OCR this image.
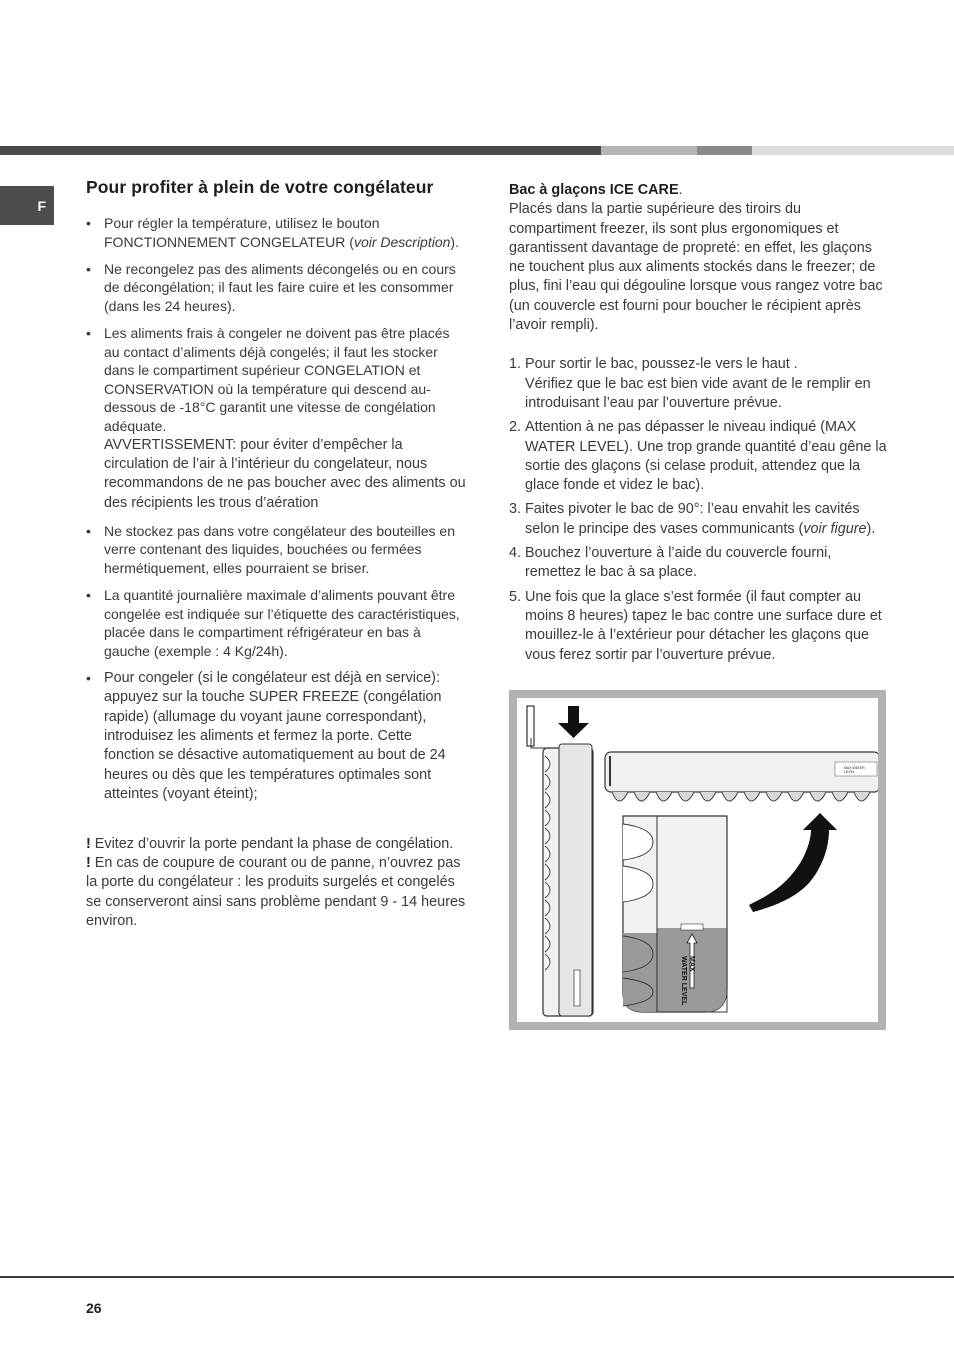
F
Pour profiter à plein de votre congélateur
• Pour régler la température, utilisez le bouton FONCTIONNEMENT CONGELATEUR (voir Description).
• Ne recongelez pas des aliments décongelés ou en cours de décongélation; il faut les faire cuire et les consommer (dans les 24 heures).
• Les aliments frais à congeler ne doivent pas être placés au contact d’aliments déjà congelés; il faut les stocker dans le compartiment supérieur CONGELATION et CONSERVATION où la température qui descend au-dessous de -18°C garantit une vitesse de congélation adéquate.
AVVERTISSEMENT: pour éviter d’empêcher la circulation de l’air à l’intérieur du congelateur, nous recommandons de ne pas boucher avec des aliments ou des récipients les trous d’aération
• Ne stockez pas dans votre congélateur des bouteilles en verre contenant des liquides, bouchées ou fermées hermétiquement, elles pourraient se briser.
• La quantité journalière maximale d’aliments pouvant être congelée est indiquée sur l’étiquette des caractéristiques, placée dans le compartiment réfrigérateur en bas à gauche (exemple : 4 Kg/24h).
• Pour congeler (si le congélateur est déjà en service): appuyez sur la touche SUPER FREEZE (congélation rapide) (allumage du voyant jaune correspondant), introduisez les aliments et fermez la porte. Cette fonction se désactive automatiquement au bout de 24 heures ou dès que les températures optimales sont atteintes (voyant éteint);
! Evitez d’ouvrir la porte pendant la phase de congélation.
! En cas de coupure de courant ou de panne, n’ouvrez pas la porte du congélateur : les produits surgelés et congelés se conserveront ainsi sans problème pendant 9 - 14 heures environ.

Bac à glaçons ICE CARE.
Placés dans la partie supérieure des tiroirs du compartiment freezer, ils sont plus ergonomiques et garantissent davantage de propreté: en effet, les glaçons ne touchent plus aux aliments stockés dans le freezer; de plus, fini l’eau qui dégouline lorsque vous rangez votre bac (un couvercle est fourni pour boucher le récipient après l’avoir rempli).

1. Pour sortir le bac, poussez-le vers le haut .
Vérifiez que le bac est bien vide avant de le remplir en introduisant l’eau par l’ouverture prévue.
2. Attention à ne pas dépasser le niveau indiqué (MAX WATER LEVEL). Une trop grande quantité d’eau gêne la sortie des glaçons (si celase produit, attendez que la glace fonde et videz le bac).
3. Faites pivoter le bac de 90°: l’eau envahit les cavités selon le principe des vases communicants (voir figure).
4. Bouchez l’ouverture à l’aide du couvercle fourni, remettez le bac à sa place.
5. Une fois que la glace s’est formée (il faut compter au moins 8 heures) tapez le bac contre une surface dure et mouillez-le à l’extérieur pour détacher les glaçons que vous ferez sortir par l’ouverture prévue.
MAX
WATER LEVEL
MAX WATER LEVEL
26
